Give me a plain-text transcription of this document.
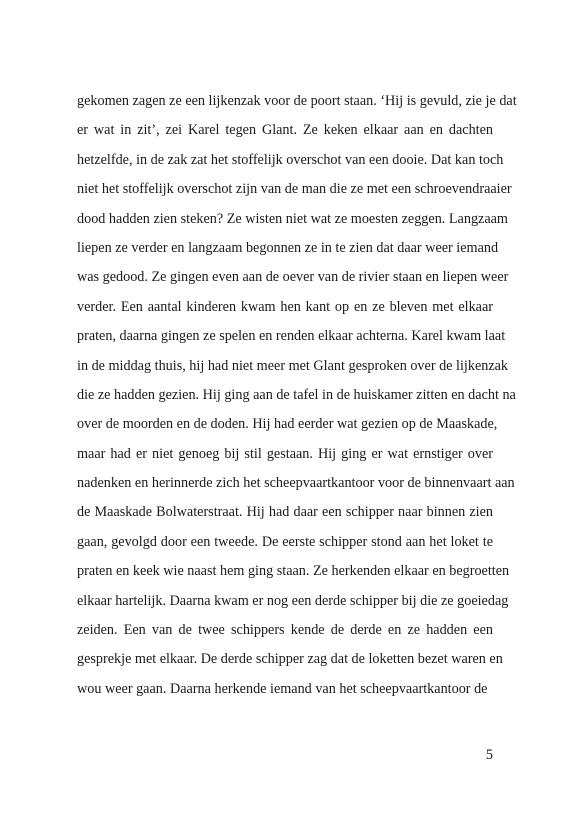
gekomen zagen ze een lijkenzak voor de poort staan. ‘Hij is gevuld, zie je dat
er wat in zit’, zei Karel tegen Glant. Ze keken elkaar aan en dachten
hetzelfde, in de zak zat het stoffelijk overschot van een dooie. Dat kan toch
niet het stoffelijk overschot zijn van de man die ze met een schroevendraaier
dood hadden zien steken? Ze wisten niet wat ze moesten zeggen. Langzaam
liepen ze verder en langzaam begonnen ze in te zien dat daar weer iemand
was gedood. Ze gingen even aan de oever van de rivier staan en liepen weer
verder. Een aantal kinderen kwam hen kant op en ze bleven met elkaar
praten, daarna gingen ze spelen en renden elkaar achterna. Karel kwam laat
in de middag thuis, hij had niet meer met Glant gesproken over de lijkenzak
die ze hadden gezien. Hij ging aan de tafel in de huiskamer zitten en dacht na
over de moorden en de doden. Hij had eerder wat gezien op de Maaskade,
maar had er niet genoeg bij stil gestaan. Hij ging er wat ernstiger over
nadenken en herinnerde zich het scheepvaartkantoor voor de binnenvaart aan
de Maaskade Bolwaterstraat. Hij had daar een schipper naar binnen zien
gaan, gevolgd door een tweede. De eerste schipper stond aan het loket te
praten en keek wie naast hem ging staan. Ze herkenden elkaar en begroetten
elkaar hartelijk. Daarna kwam er nog een derde schipper bij die ze goeiedag
zeiden. Een van de twee schippers kende de derde en ze hadden een
gesprekje met elkaar. De derde schipper zag dat de loketten bezet waren en
wou weer gaan. Daarna herkende iemand van het scheepvaartkantoor de
5
